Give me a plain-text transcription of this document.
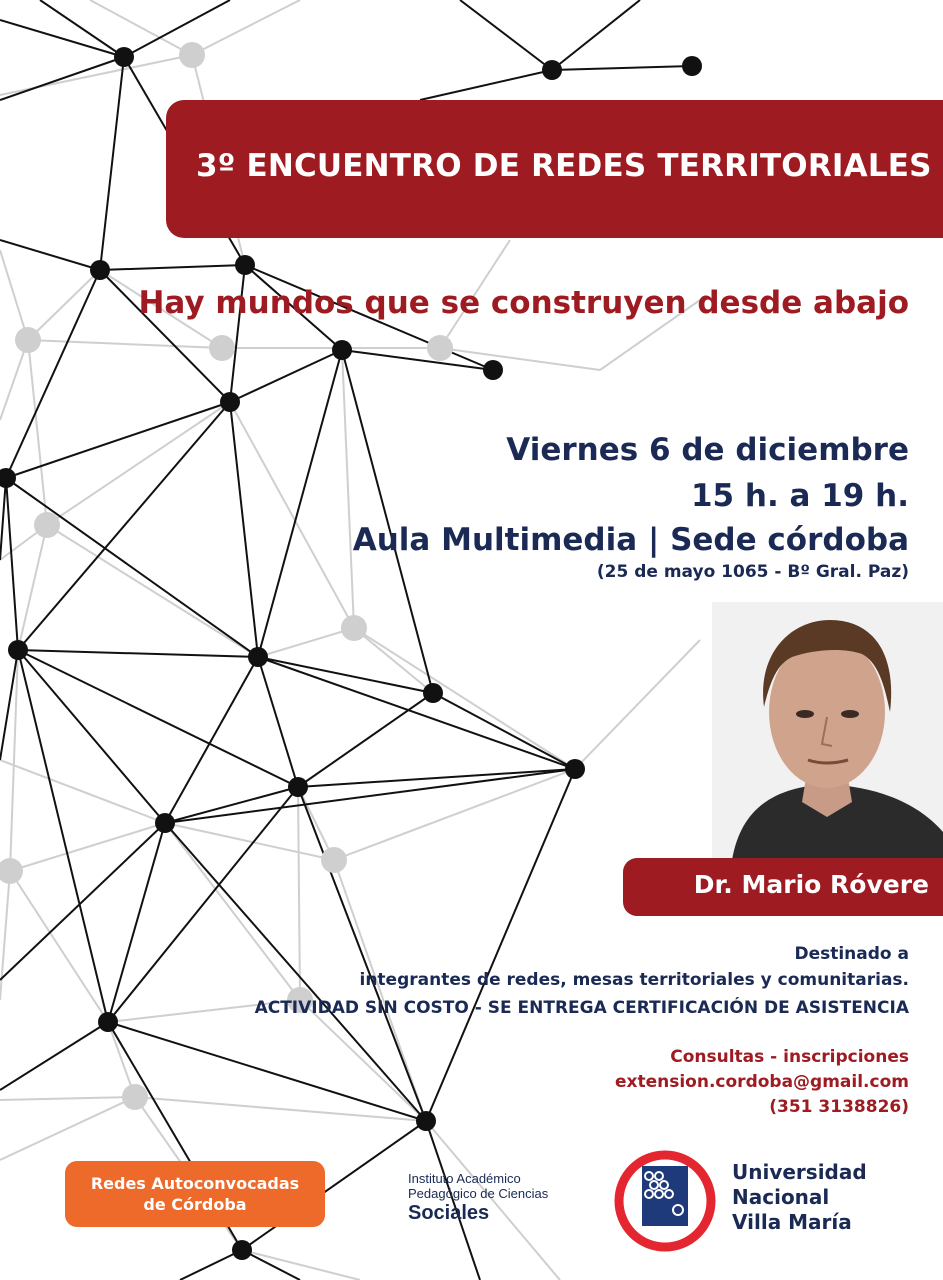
3º ENCUENTRO DE REDES TERRITORIALES
Hay mundos que se construyen desde abajo
Viernes 6 de diciembre
15 h. a 19 h.
Aula Multimedia | Sede córdoba
(25 de mayo 1065 - Bº Gral. Paz)
Dr. Mario Róvere
Destinado a
integrantes de redes, mesas territoriales y comunitarias.
ACTIVIDAD SIN COSTO - SE ENTREGA CERTIFICACIÓN DE ASISTENCIA
Consultas - inscripciones
extension.cordoba@gmail.com
(351 3138826)
Redes Autoconvocadas
de Córdoba
Instituto Académico
Pedagógico de Ciencias
Sociales
Universidad
Nacional
Villa María
